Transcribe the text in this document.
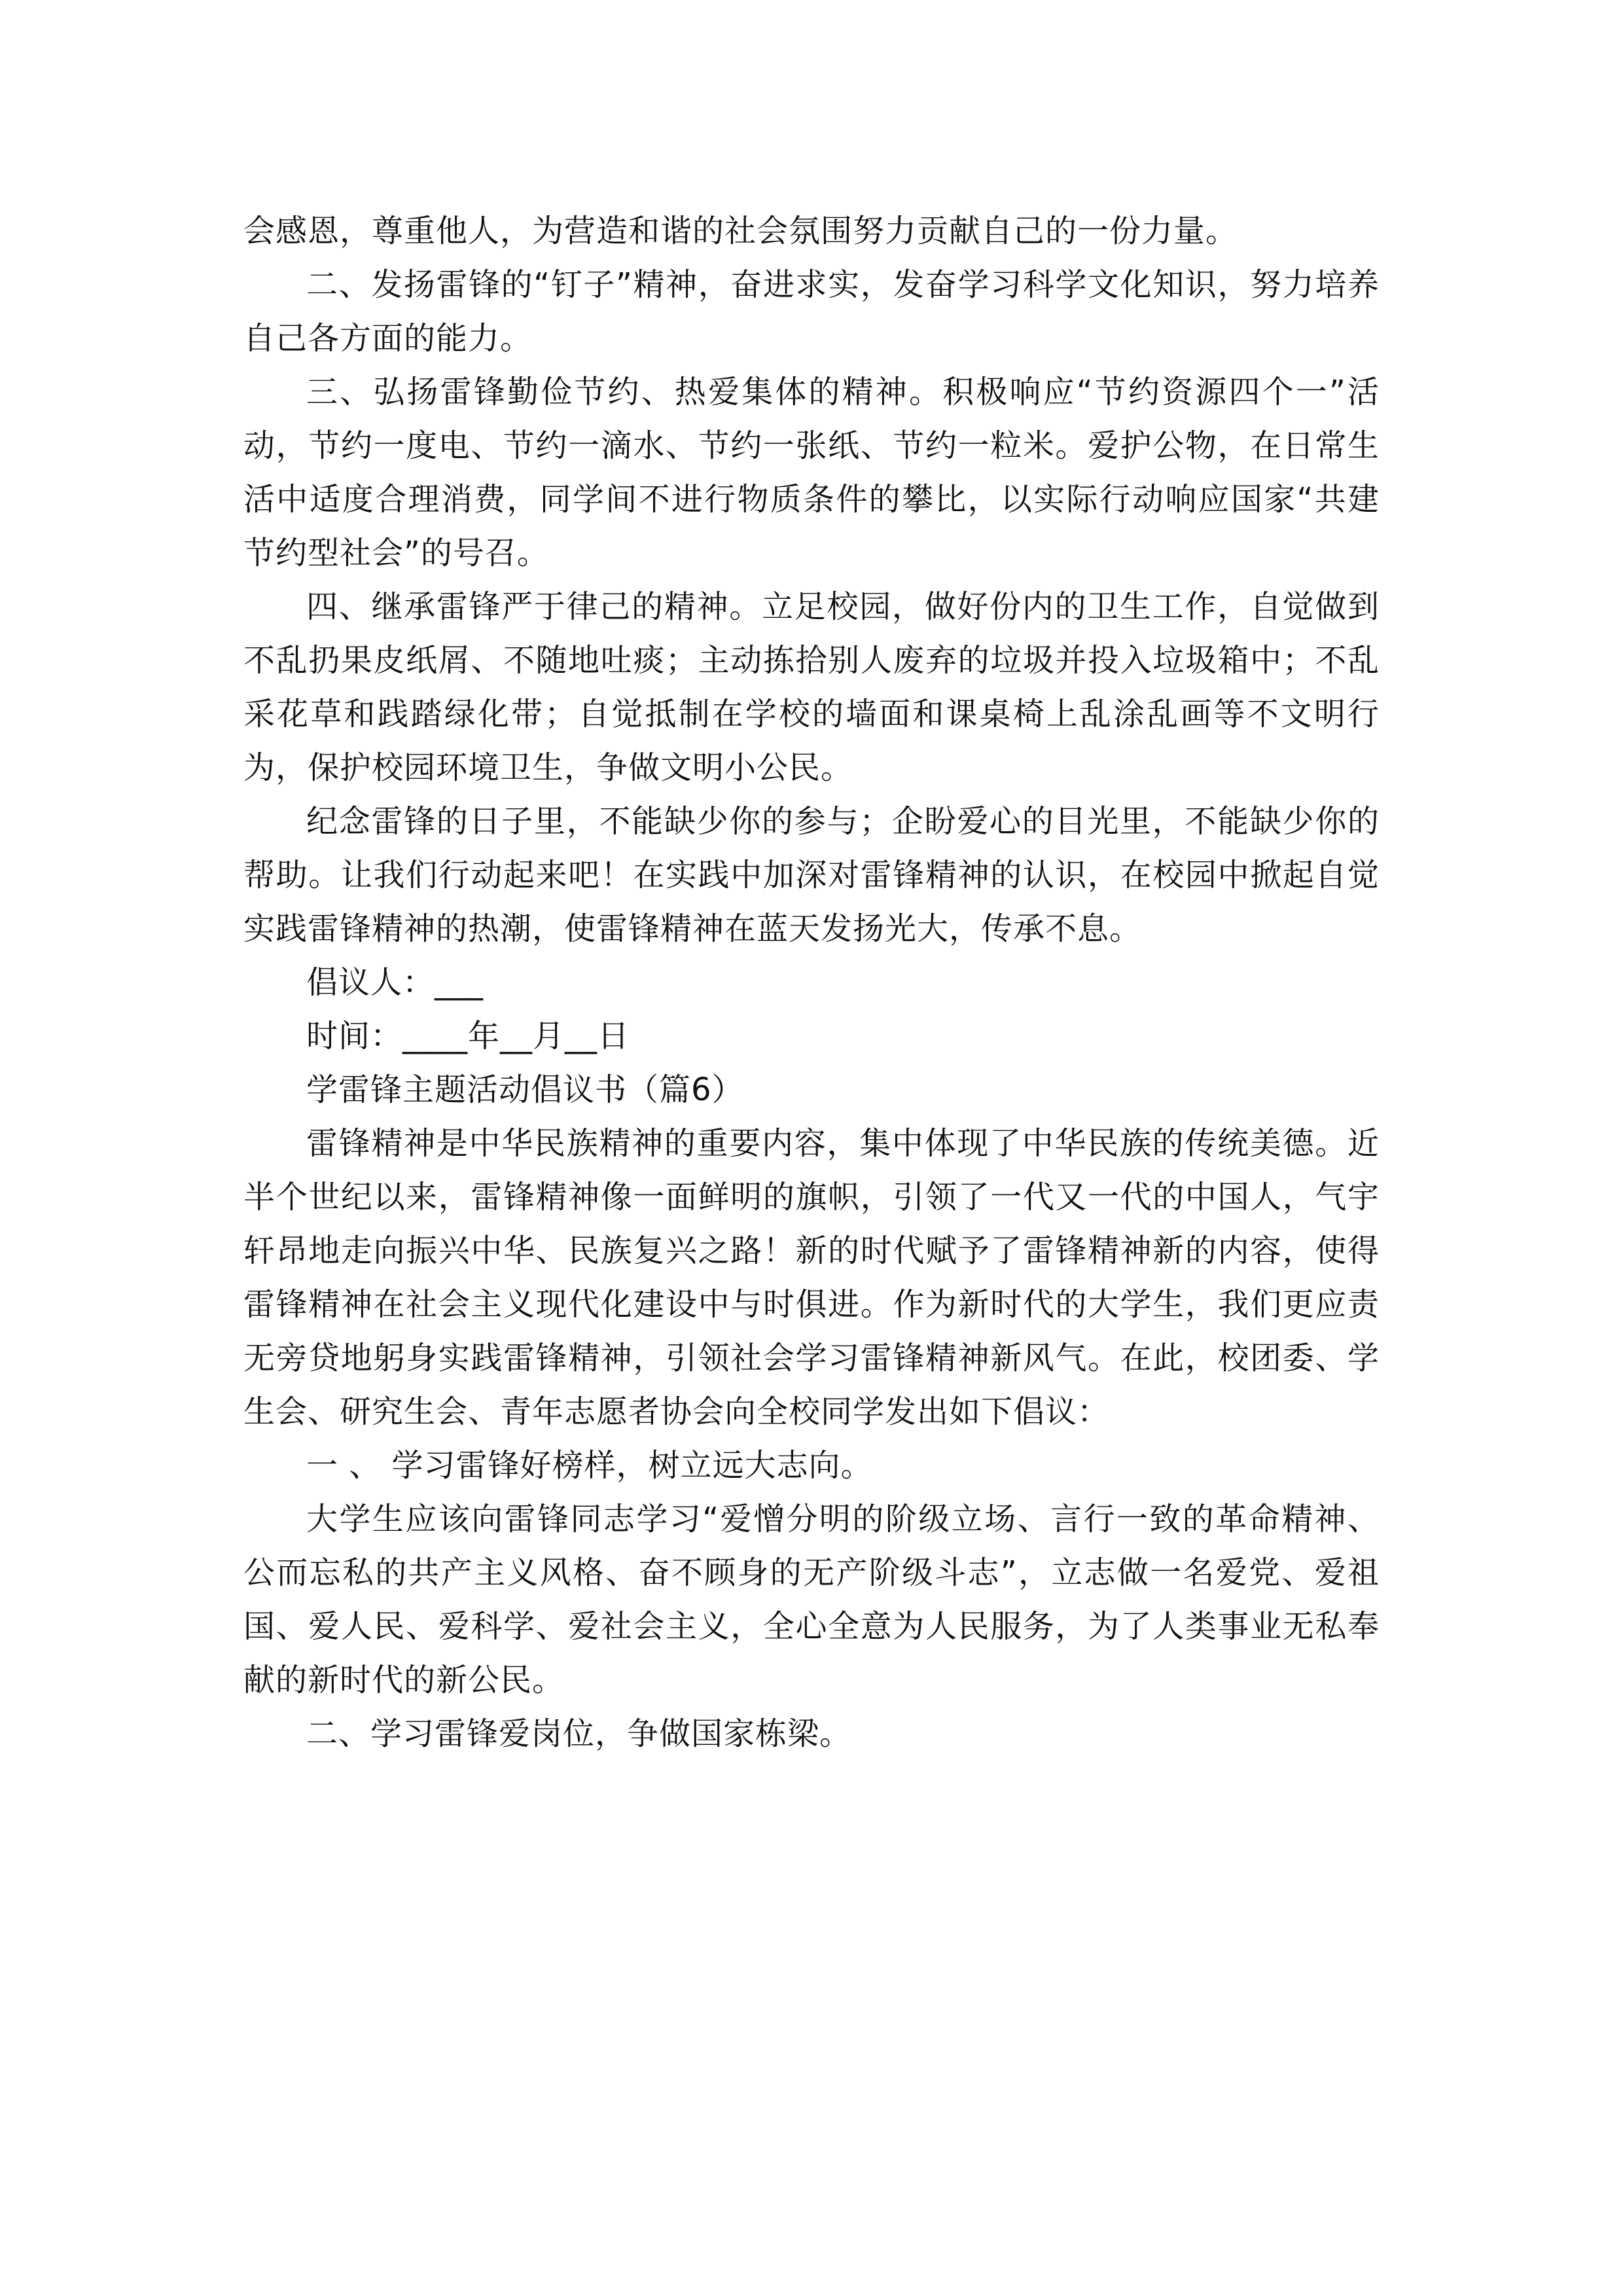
会感恩，尊重他人，为营造和谐的社会氛围努力贡献自己的一份力量。

二、发扬雷锋的“钉子”精神，奋进求实，发奋学习科学文化知识，努力培养自己各方面的能力。

三、弘扬雷锋勤俭节约、热爱集体的精神。积极响应“节约资源四个一”活动，节约一度电、节约一滴水、节约一张纸、节约一粒米。爱护公物，在日常生活中适度合理消费，同学间不进行物质条件的攀比，以实际行动响应国家“共建节约型社会”的号召。

四、继承雷锋严于律己的精神。立足校园，做好份内的卫生工作，自觉做到不乱扔果皮纸屑、不随地吐痰；主动拣拾别人废弃的垃圾并投入垃圾箱中；不乱采花草和践踏绿化带；自觉抵制在学校的墙面和课桌椅上乱涂乱画等不文明行为，保护校园环境卫生，争做文明小公民。

纪念雷锋的日子里，不能缺少你的参与；企盼爱心的目光里，不能缺少你的帮助。让我们行动起来吧！在实践中加深对雷锋精神的认识，在校园中掀起自觉实践雷锋精神的热潮，使雷锋精神在蓝天发扬光大，传承不息。

倡议人：___

时间：____年__月__日

学雷锋主题活动倡议书（篇6）

雷锋精神是中华民族精神的重要内容，集中体现了中华民族的传统美德。近半个世纪以来，雷锋精神像一面鲜明的旗帜，引领了一代又一代的中国人，气宇轩昂地走向振兴中华、民族复兴之路！新的时代赋予了雷锋精神新的内容，使得雷锋精神在社会主义现代化建设中与时俱进。作为新时代的大学生，我们更应责无旁贷地躬身实践雷锋精神，引领社会学习雷锋精神新风气。在此，校团委、学生会、研究生会、青年志愿者协会向全校同学发出如下倡议：

一 、 学习雷锋好榜样，树立远大志向。

大学生应该向雷锋同志学习“爱憎分明的阶级立场、言行一致的革命精神、公而忘私的共产主义风格、奋不顾身的无产阶级斗志”，立志做一名爱党、爱祖国、爱人民、爱科学、爱社会主义，全心全意为人民服务，为了人类事业无私奉献的新时代的新公民。

二、学习雷锋爱岗位，争做国家栋梁。
